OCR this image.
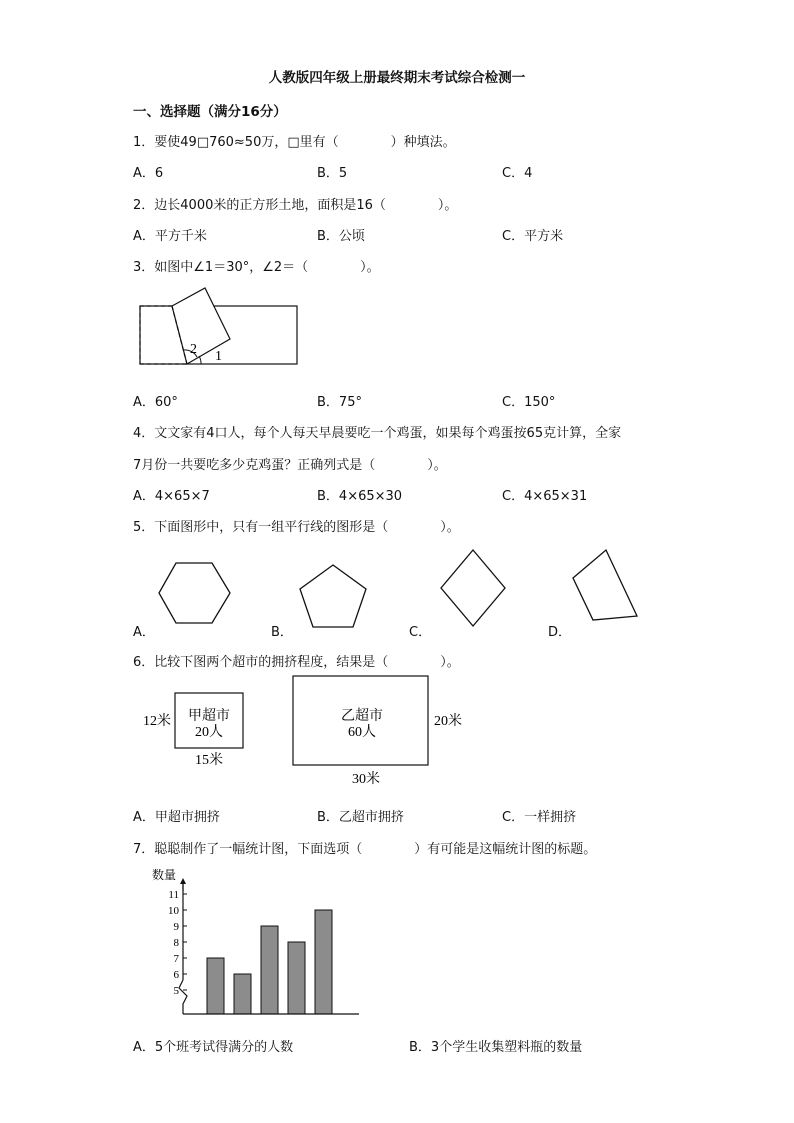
人教版四年级上册最终期末考试综合检测一
一、选择题（满分16分）
1．要使49□760≈50万，□里有（　　　　）种填法。
A．6	B．5	C．4
2．边长4000米的正方形土地，面积是16（　　　　）。
A．平方千米	B．公顷	C．平方米
3．如图中∠1＝30°，∠2＝（　　　　）。
1
2
A．60°	B．75°	C．150°
4．文文家有4口人，每个人每天早晨要吃一个鸡蛋，如果每个鸡蛋按65克计算，全家
7月份一共要吃多少克鸡蛋？正确列式是（　　　　）。
A．4×65×7	B．4×65×30	C．4×65×31
5．下面图形中，只有一组平行线的图形是（　　　　）。
A．	B．	C．	D．
6．比较下图两个超市的拥挤程度，结果是（　　　　）。
甲超市
20人
12米
15米
乙超市
60人
20米
30米
A．甲超市拥挤	B．乙超市拥挤	C．一样拥挤
7．聪聪制作了一幅统计图，下面选项（　　　　）有可能是这幅统计图的标题。
数量
5
6
7
8
9
10
11
A．5个班考试得满分的人数	B．3个学生收集塑料瓶的数量
